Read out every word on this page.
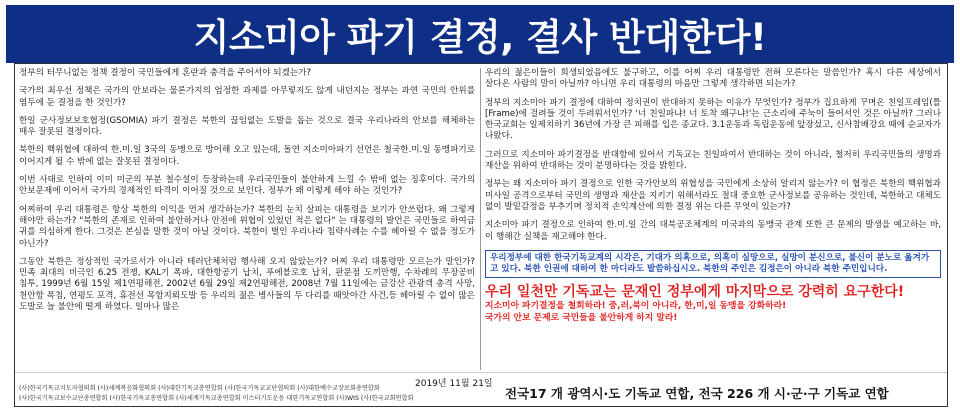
지소미아 파기 결정, 결사 반대한다!

정부의 터무니없는 정책 결정이 국민들에게 혼란과 충격을 주어서야 되겠는가?

국가의 최우선 정책은 국가의 안보라는 물론가지의 엄정한 과제를 아무렇지도 않게 내던지는 정부는 과연 국민의 안위를 염두에 둔 결정을 한 것인가?

한일 군사정보보호협정(GSOMIA) 파기 결정은 북한의 끊임없는 도발을 돕는 것으로 결국 우리나라의 안보를 해체하는 매우 잘못된 결정이다.

북한의 핵위협에 대하여 한.미.일 3국의 동맹으로 방어해 오고 있는데, 돌연 지소미아파기 선언은 철국한.미.일 동맹파기로 이어지게 될 수 밖에 없는 잘못된 결정이다.

이번 사태로 인하여 이미 미군의 부분 철수설이 등장하는데 우리국민들이 불안하게 느낄 수 밖에 없는 징후이다. 국가의 안보문제에 이어서 국가의 경제적인 타격이 이어질 것으로 보인다. 정부가 왜 이렇게 해야 하는 것인가?

어찌하여 우리 대통령은 항상 북한의 이익을 먼저 생각하는가? 북한의 눈치 살피는 대통령을 보기가 안쓰럽다. 왜 그렇게 해야만 하는가? "북한의 존재로 인하여 불안하거나 안전에 위협이 있었던 적은 없다" 는 대통령의 발언은 국민들로 하여금 귀를 의심하게 한다. 그것은 본심을 말한 것이 아닐 것이다. 북한이 벌인 우리나라 침략사례는 수를 헤아릴 수 없을 정도가 아닌가?

그동안 북한은 정상적인 국가로서가 아니라 테러단체처럼 행사해 오지 않았는가? 어찌 우리 대통령만 모르는가 말인가? 민족 최대의 비극인 6.25 전쟁, KAL기 폭파, 대한항공기 납치, 푸에블로호 납치, 판문점 도끼만행, 수차례의 무장공비 침투, 1999년 6월 15일 제1연평해전, 2002년 6월 29일 제2연평해전, 2008년 7월 11일에는 금강산 관광객 총격 사망, 천안함 폭침, 연평도 포격, 휴전선 목함지뢰도발 등 우리의 젊은 병사들의 두 다리를 때앗아간 사건,등 헤아릴 수 없이 많은 도발로 늘 불안에 떨게 하였다. 일마나 많은

우리의 젊은이들이 희생되었음에도 불구하고, 이를 어찌 우리 대통령만 전혀 모른다는 말씀인가? 혹시 다른 세상에서 살다온 사람의 말이 아닐까? 아니면 우리 대통령의 마음만 그렇게 생각하면 되는가?

정부의 지소미아 파기 결정에 대하여 정치권이 반대하지 못하는 이유가 무엇인가? 정부가 집요하게 꾸며온 친일프레임(틀[Frame)에 걸려들 것이 두려워서인가? '너 친일파냐! 너 토착 왜구냐!'는 근소리에 주눅이 들어서인 것은 아닐까? 그러나 한국교회는 일제치하기 36년에 가장 큰 피해를 입은 종교다. 3.1운동과 독립운동에 앞장섰고, 신사참배강요 때에 순교자가 나왔다.

그러므로 지소미아 파기결정을 반대함에 있어서 기독교는 친일파여서 반대하는 것이 아니라, 철저히 우리국민들의 생명과 재산을 위하여 반대하는 것이 분명하다는 것을 밝힌다.

정부는 왜 지소미아 파기 결정으로 인한 국가안보의 위협성을 국민에게 소상히 알리지 않는가? 이 협정은 북한의 핵위협과 미사일 공격으로부터 국민의 생명과 재산을 지키기 위해서라도 절대 중요한 군사정보를 공유하는 것인데, 북한하고 대체도 없이 발밑감정을 부추기며 정치적 손익계산에 의한 결정 위는 다른 무엇이 있는가?

지소미아 파기 결정으로 인하여 한.미.일 간의 대북공조체계의 미국과의 동맹국 관계 또한 큰 문제의 발생을 예고하는 바, 이 행해간 실책을 재고해야 한다.

우리정부에 대한 한국기독교계의 시각은, 기대가 의혹으로, 의혹이 실망으로, 실망이 분신으로, 불신이 분노로 옮겨가고 있다. 북한 인권에 대하여 한 마디라도 발씀하십시오. 북한의 주인은 김정은이 아니라 북한 주민입니다.
우리 일천만 기독교는 문재인 정부에게 마지막으로 강력히 요구한다!
지소미아 파기결정을 철회하라! 중,러,북이 아니라, 한,미,일 동맹을 강화하라!
국가의 안보 문제로 국민들을 불안하게 하지 말라!
2019년 11월 21일
(사)한국기독교지도자협의회 (사)세계복음화협의회 (사)대한기독교총연합회 (사)한국기독교교단협의회 (사)대한예수교장로회총연합회
(사)한국기독교보수교단총연합회 (사)한국기독교총연합회 (사)세계기독교총연합회 미스터기도운동 대한기독교연합회 (사)WIS (사)한국교회연합회	전국17 개 광역시·도 기독교 연합, 전국 226 개 시·군·구 기독교 연합
